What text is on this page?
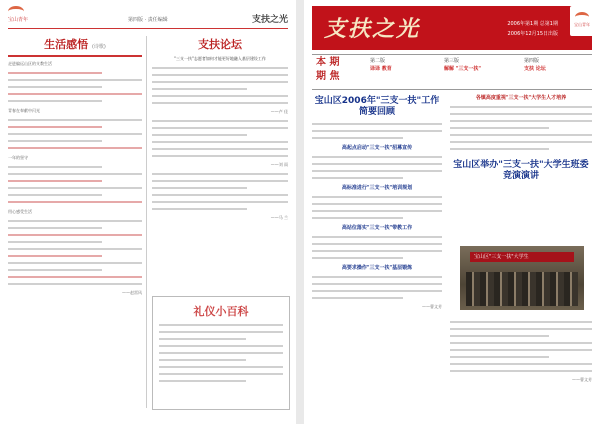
宝山青年	第四版 · 责任编辑	支扶之光
生活感悟 (诗歌)
走进偏远山区的支教生活
青春在奉献中闪光
一年的坚守
用心感受生活
——赵雷风
支扶论坛
"三支一扶"志愿者如何才能更好地融入基层建设工作
——卢 佳
——刘 雨
——马 兰
礼仪小百科
支扶之光	2006年第1期 总第1期
2006年12月15日出版
宝山青年
本 期
期 焦
第二版
译译 教育
第三版
解解 "三支一扶"
第四版
支扶 论坛
宝山区2006年"三支一扶"工作简要回顾
高起点启动"三支一扶"招募宣传
高标准进行"三支一扶"培训规划
高站位落实"三支一扶"带教工作
高要求操作"三支一扶"基层锻炼
——曹文芳
各镇高度重视"三支一扶"大学生人才培养
宝山区举办"三支一扶"大学生班委竞演演讲
宝山区"三支一扶"大学生
——曹文芳
